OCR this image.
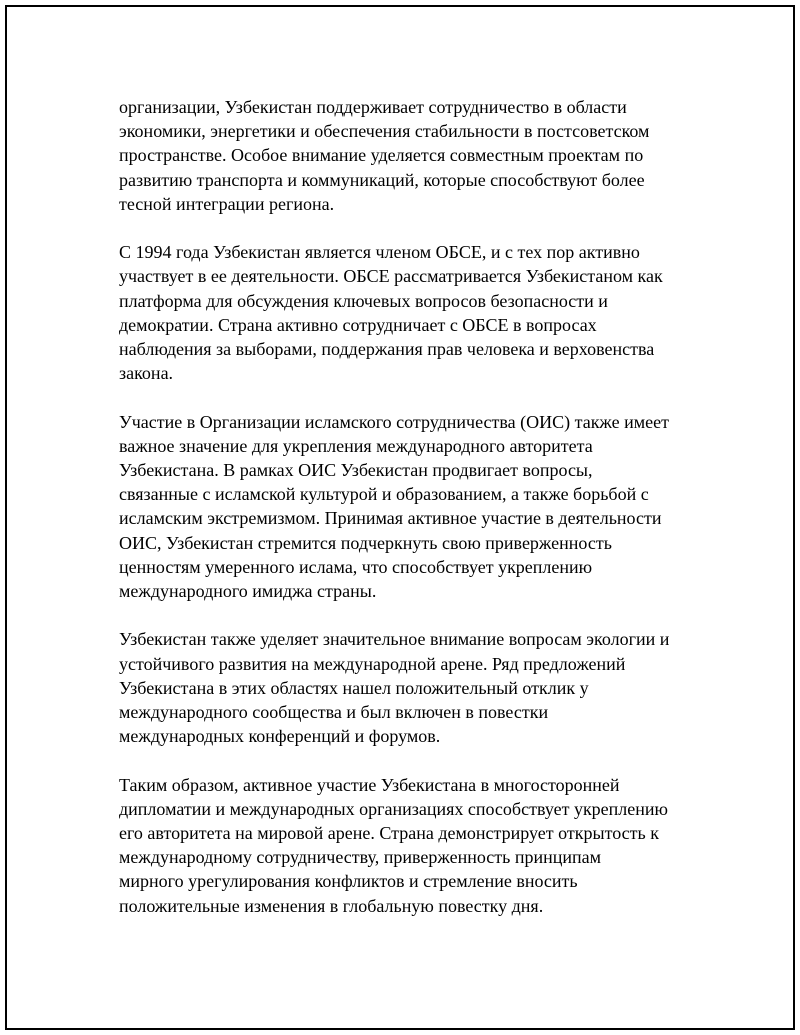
организации, Узбекистан поддерживает сотрудничество в области
экономики, энергетики и обеспечения стабильности в постсоветском
пространстве. Особое внимание уделяется совместным проектам по
развитию транспорта и коммуникаций, которые способствуют более
тесной интеграции региона.

С 1994 года Узбекистан является членом ОБСЕ, и с тех пор активно
участвует в ее деятельности. ОБСЕ рассматривается Узбекистаном как
платформа для обсуждения ключевых вопросов безопасности и
демократии. Страна активно сотрудничает с ОБСЕ в вопросах
наблюдения за выборами, поддержания прав человека и верховенства
закона.

Участие в Организации исламского сотрудничества (ОИС) также имеет
важное значение для укрепления международного авторитета
Узбекистана. В рамках ОИС Узбекистан продвигает вопросы,
связанные с исламской культурой и образованием, а также борьбой с
исламским экстремизмом. Принимая активное участие в деятельности
ОИС, Узбекистан стремится подчеркнуть свою приверженность
ценностям умеренного ислама, что способствует укреплению
международного имиджа страны.

Узбекистан также уделяет значительное внимание вопросам экологии и
устойчивого развития на международной арене. Ряд предложений
Узбекистана в этих областях нашел положительный отклик у
международного сообщества и был включен в повестки
международных конференций и форумов.

Таким образом, активное участие Узбекистана в многосторонней
дипломатии и международных организациях способствует укреплению
его авторитета на мировой арене. Страна демонстрирует открытость к
международному сотрудничеству, приверженность принципам
мирного урегулирования конфликтов и стремление вносить
положительные изменения в глобальную повестку дня.
